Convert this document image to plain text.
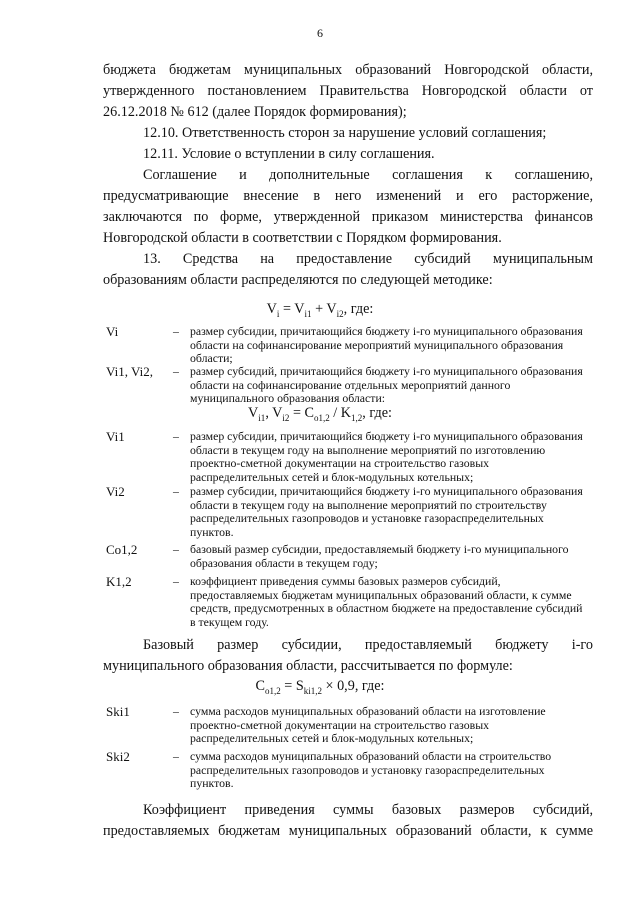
6
бюджета бюджетам муниципальных образований Новгородской области,
утвержденного постановлением Правительства Новгородской области от
26.12.2018 № 612 (далее Порядок формирования);
12.10. Ответственность сторон за нарушение условий соглашения;
12.11. Условие о вступлении в силу соглашения.
Соглашение и дополнительные соглашения к соглашению,
предусматривающие внесение в него изменений и его расторжение,
заключаются по форме, утвержденной приказом министерства финансов
Новгородской области в соответствии с Порядком формирования.
13. Средства на предоставление субсидий муниципальным
образованиям области распределяются по следующей методике:
$V_i = V_{i1} + V_{i2}$, где:
Vi	– размер субсидии, причитающийся бюджету i-го муниципального образования области на софинансирование мероприятий муниципального образования области;
Vi1, Vi2,	– размер субсидий, причитающийся бюджету i-го муниципального образования области на софинансирование отдельных мероприятий данного муниципального образования области:
$V_{i1}$, $V_{i2} = C_{o1,2} / K_{1,2}$, где:
Vi1	– размер субсидии, причитающийся бюджету i-го муниципального образования области в текущем году на выполнение мероприятий по изготовлению проектно-сметной документации на строительство газовых распределительных сетей и блок-модульных котельных;
Vi2	– размер субсидии, причитающийся бюджету i-го муниципального образования области в текущем году на выполнение мероприятий по строительству распределительных газопроводов и установке газораспределительных пунктов.
Co1,2	– базовый размер субсидии, предоставляемый бюджету i-го муниципального образования области в текущем году;
K1,2	– коэффициент приведения суммы базовых размеров субсидий, предоставляемых бюджетам муниципальных образований области, к сумме средств, предусмотренных в областном бюджете на предоставление субсидий в текущем году.
Базовый размер субсидии, предоставляемый бюджету i-го
муниципального образования области, рассчитывается по формуле:
$C_{o1,2} = S_{ki1,2} \times 0,9$, где:
Ski1	– сумма расходов муниципальных образований области на изготовление проектно-сметной документации на строительство газовых распределительных сетей и блок-модульных котельных;
Ski2	– сумма расходов муниципальных образований области на строительство распределительных газопроводов и установку газораспределительных пунктов.
Коэффициент приведения суммы базовых размеров субсидий,
предоставляемых бюджетам муниципальных образований области, к сумме
